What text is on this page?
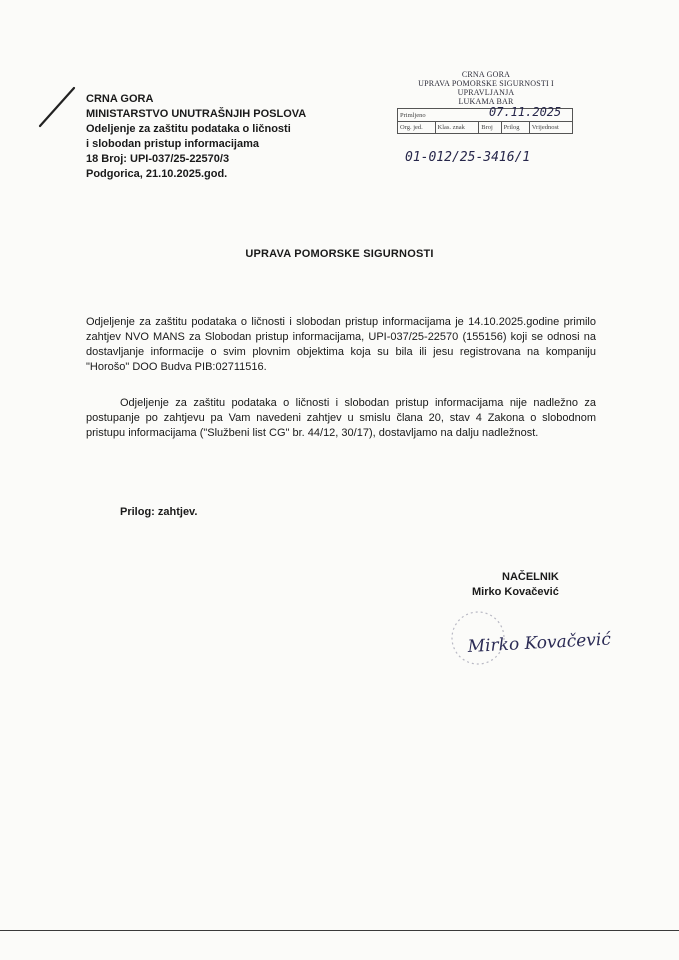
CRNA GORA
MINISTARSTVO UNUTRAŠNJIH POSLOVA
Odeljenje za zaštitu podataka o ličnosti
i slobodan pristup informacijama
18 Broj: UPI-037/25-22570/3
Podgorica, 21.10.2025.god.
CRNA GORA
UPRAVA POMORSKE SIGURNOSTI I UPRAVLJANJA
LUKAMA BAR
Primljeno
Org. jed.	Klas. znak	Broj	Prilog	Vrijednost
07.11.2025
01-012/25-3416/1
UPRAVA POMORSKE SIGURNOSTI
Odjeljenje za zaštitu podataka o ličnosti i slobodan pristup informacijama je 14.10.2025.godine primilo zahtjev NVO MANS za Slobodan pristup informacijama, UPI-037/25-22570 (155156) koji se odnosi na dostavljanje informacije o svim plovnim objektima koja su bila ili jesu registrovana na kompaniju "Horošo" DOO Budva PIB:02711516.
Odjeljenje za zaštitu podataka o ličnosti i slobodan pristup informacijama nije nadležno za postupanje po zahtjevu pa Vam navedeni zahtjev u smislu člana 20, stav 4 Zakona o slobodnom pristupu informacijama ("Službeni list CG" br. 44/12, 30/17), dostavljamo na dalju nadležnost.
Prilog: zahtjev.
NAČELNIK
Mirko Kovačević
Mirko Kovačević
